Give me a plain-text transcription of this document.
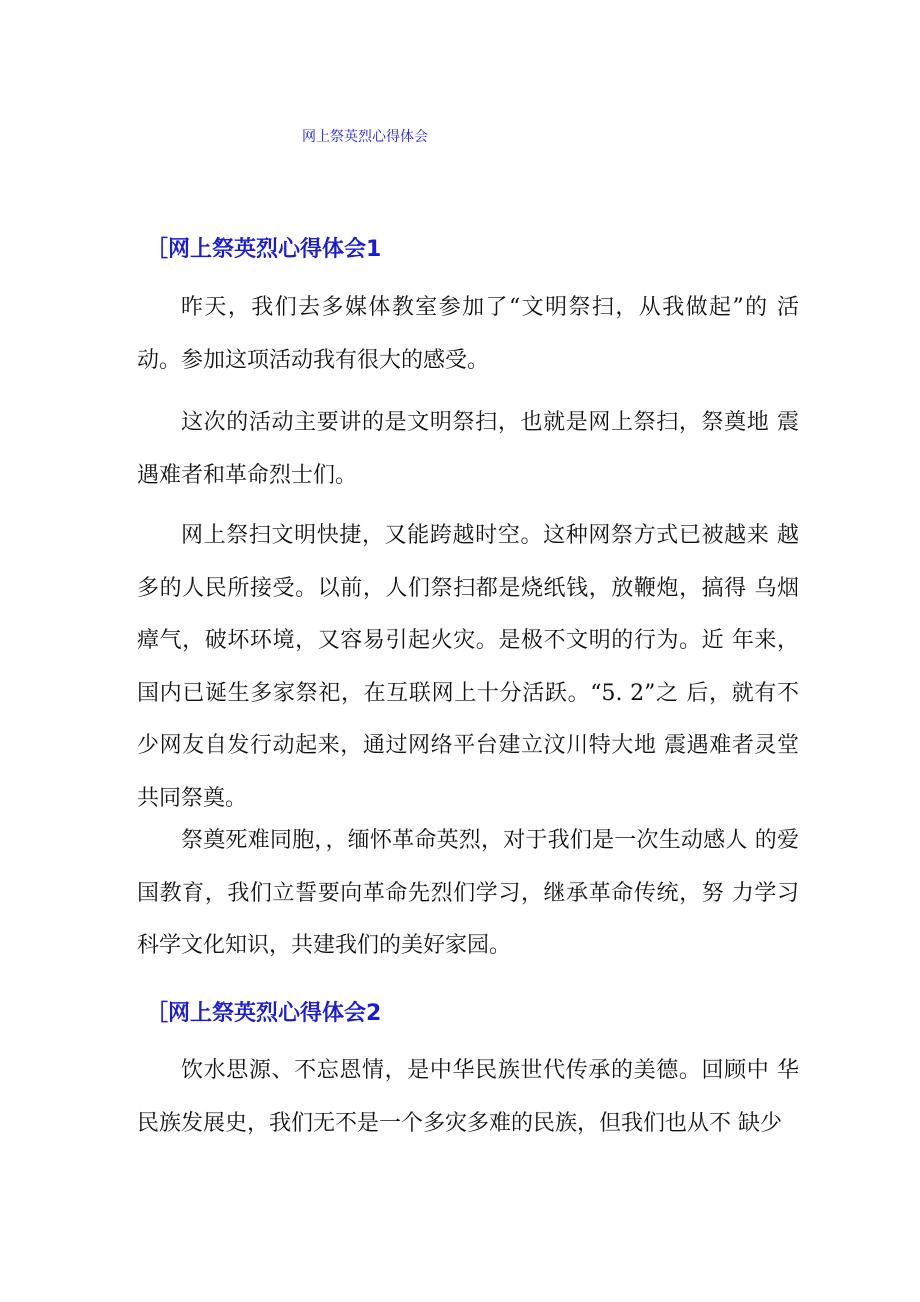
网上祭英烈心得体会
［网上祭英烈心得体会1

昨天，我们去多媒体教室参加了“文明祭扫，从我做起”的 活动。参加这项活动我有很大的感受。

这次的活动主要讲的是文明祭扫，也就是网上祭扫，祭奠地 震遇难者和革命烈士们。

网上祭扫文明快捷，又能跨越时空。这种网祭方式已被越来 越多的人民所接受。以前，人们祭扫都是烧纸钱，放鞭炮，搞得 乌烟瘴气，破坏环境，又容易引起火灾。是极不文明的行为。近 年来，国内已诞生多家祭祀，在互联网上十分活跃。“5. 2”之 后，就有不少网友自发行动起来，通过网络平台建立汶川特大地 震遇难者灵堂共同祭奠。

祭奠死难同胞，，缅怀革命英烈，对于我们是一次生动感人 的爱国教育，我们立誓要向革命先烈们学习，继承革命传统，努 力学习科学文化知识，共建我们的美好家园。

［网上祭英烈心得体会2

饮水思源、不忘恩情，是中华民族世代传承的美德。回顾中 华民族发展史，我们无不是一个多灾多难的民族，但我们也从不 缺少
